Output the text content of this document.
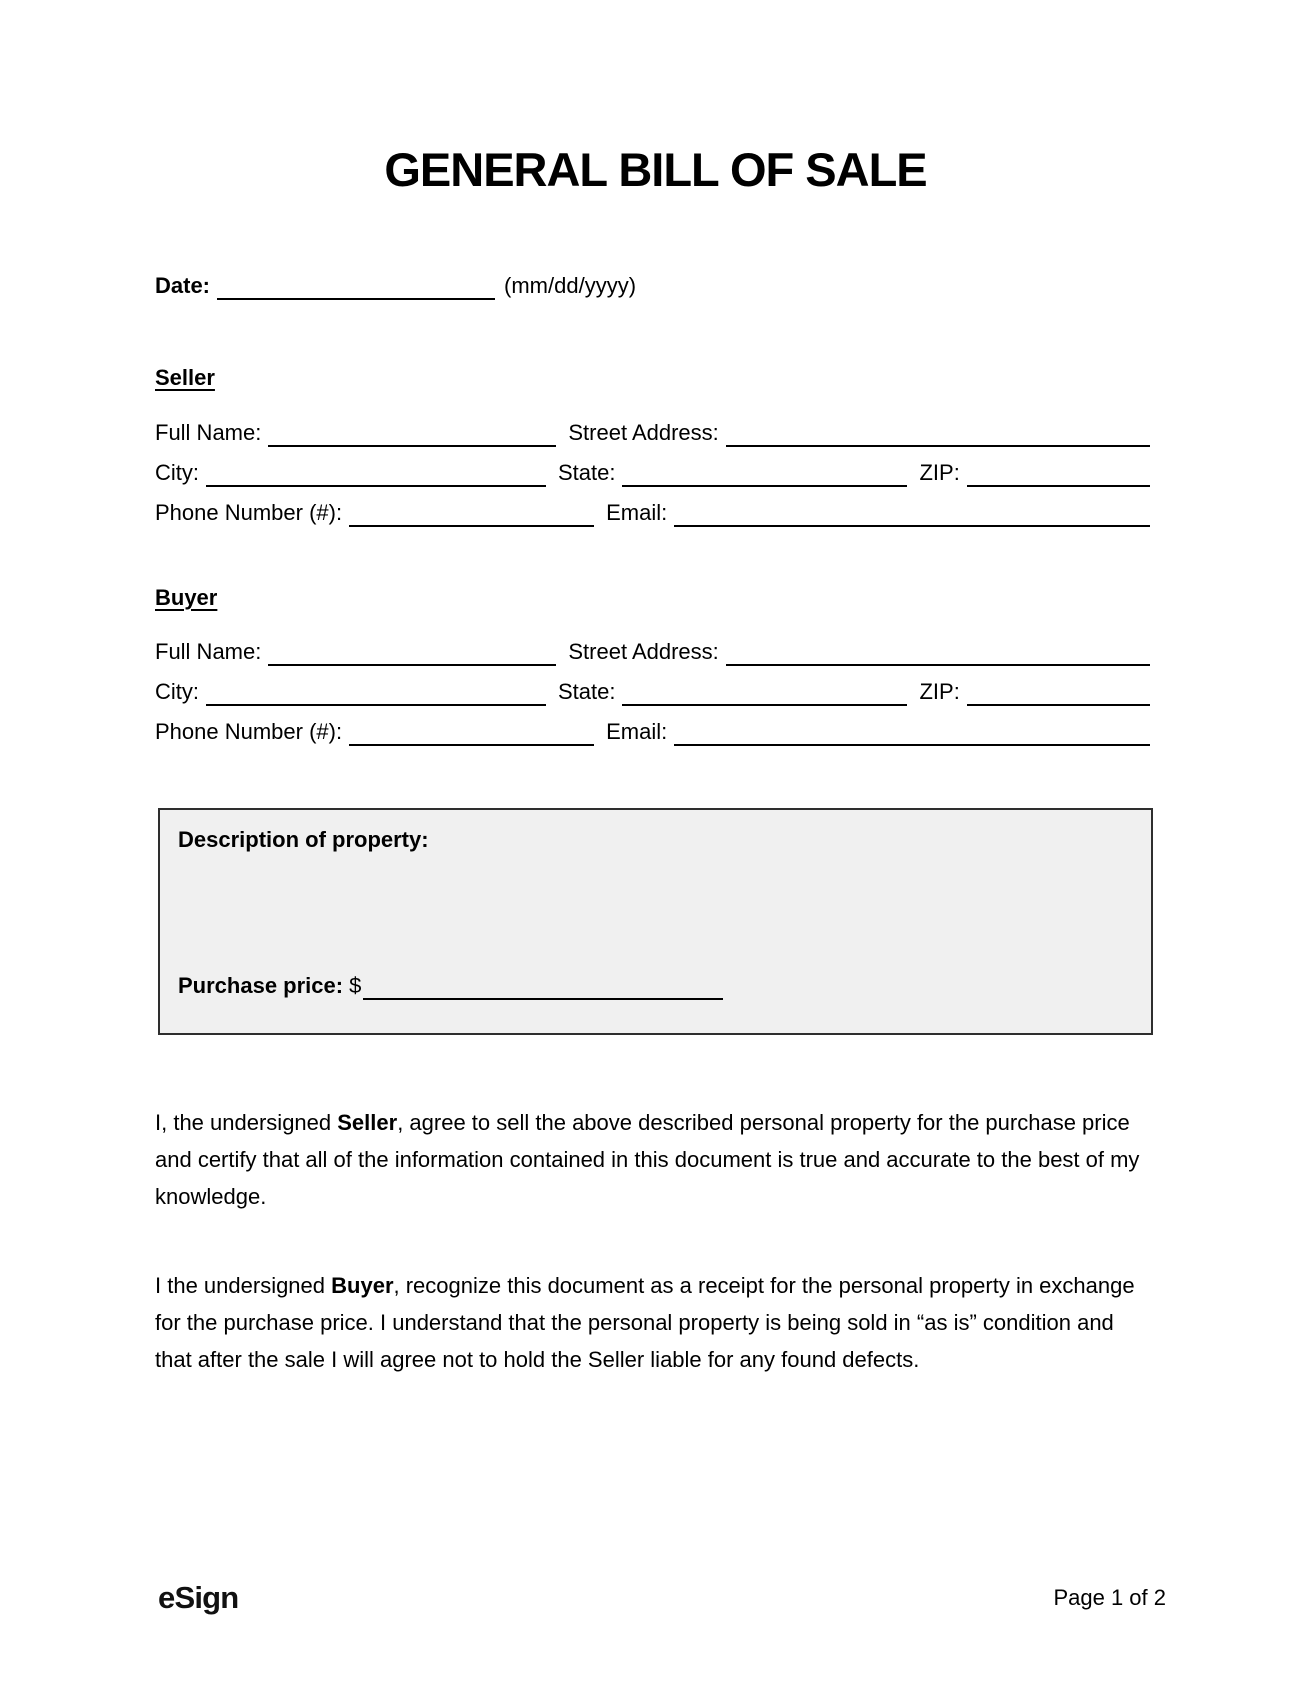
GENERAL BILL OF SALE
Date:	(mm/dd/yyyy)
Seller
Full Name:	Street Address:
City:	State:	ZIP:
Phone Number (#):	Email:
Buyer
Full Name:	Street Address:
City:	State:	ZIP:
Phone Number (#):	Email:
Description of property:
Purchase price: $

I, the undersigned Seller, agree to sell the above described personal property for the purchase price and certify that all of the information contained in this document is true and accurate to the best of my knowledge.

I the undersigned Buyer, recognize this document as a receipt for the personal property in exchange for the purchase price. I understand that the personal property is being sold in “as is” condition and that after the sale I will agree not to hold the Seller liable for any found defects.

eSign	Page 1 of 2
